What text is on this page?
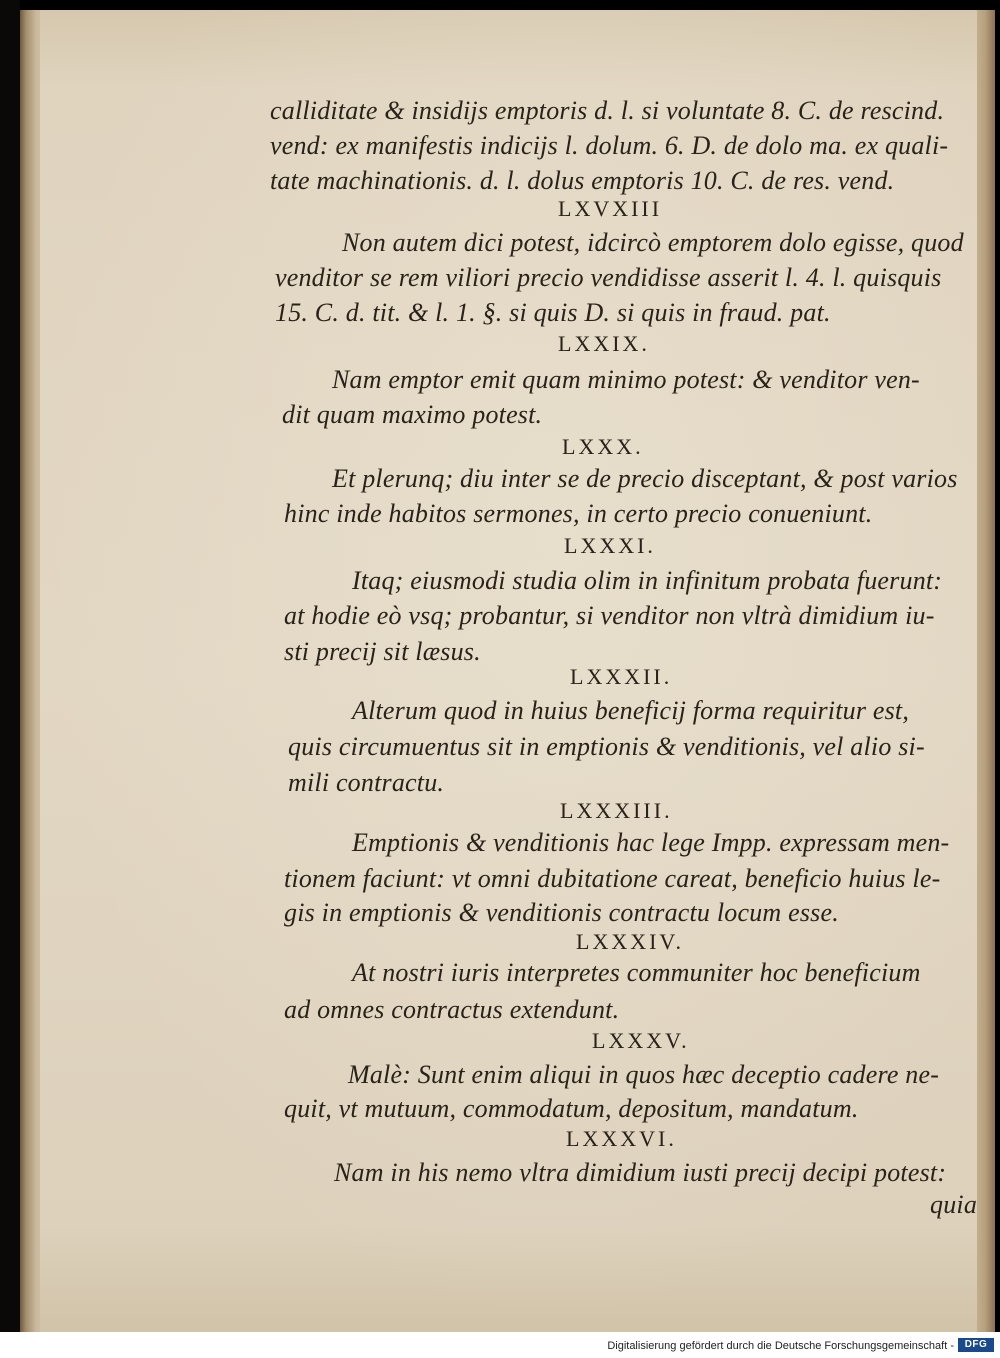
calliditate & insidijs emptoris d. l. si voluntate 8. C. de rescind.
vend: ex manifestis indicijs l. dolum. 6. D. de dolo ma. ex quali-
tate machinationis. d. l. dolus emptoris 10. C. de res. vend.
LXVXIII
Non autem dici potest, idcircò emptorem dolo egisse, quod
venditor se rem viliori precio vendidisse asserit l. 4. l. quisquis
15. C. d. tit. & l. 1. §. si quis D. si quis in fraud. pat.
LXXIX.
Nam emptor emit quam minimo potest: & venditor ven-
dit quam maximo potest.
LXXX.
Et plerunq; diu inter se de precio disceptant, & post varios
hinc inde habitos sermones, in certo precio conueniunt.
LXXXI.
Itaq; eiusmodi studia olim in infinitum probata fuerunt:
at hodie eò vsq; probantur, si venditor non vltrà dimidium iu-
sti precij sit læsus.
LXXXII.
Alterum quod in huius beneficij forma requiritur est,
quis circumuentus sit in emptionis & venditionis, vel alio si-
mili contractu.
LXXXIII.
Emptionis & venditionis hac lege Impp. expressam men-
tionem faciunt: vt omni dubitatione careat, beneficio huius le-
gis in emptionis & venditionis contractu locum esse.
LXXXIV.
At nostri iuris interpretes communiter hoc beneficium
ad omnes contractus extendunt.
LXXXV.
Malè: Sunt enim aliqui in quos hæc deceptio cadere ne-
quit, vt mutuum, commodatum, depositum, mandatum.
LXXXVI.
Nam in his nemo vltra dimidium iusti precij decipi potest:
quia
Digitalisierung gefördert durch die Deutsche Forschungsgemeinschaft -	DFG
